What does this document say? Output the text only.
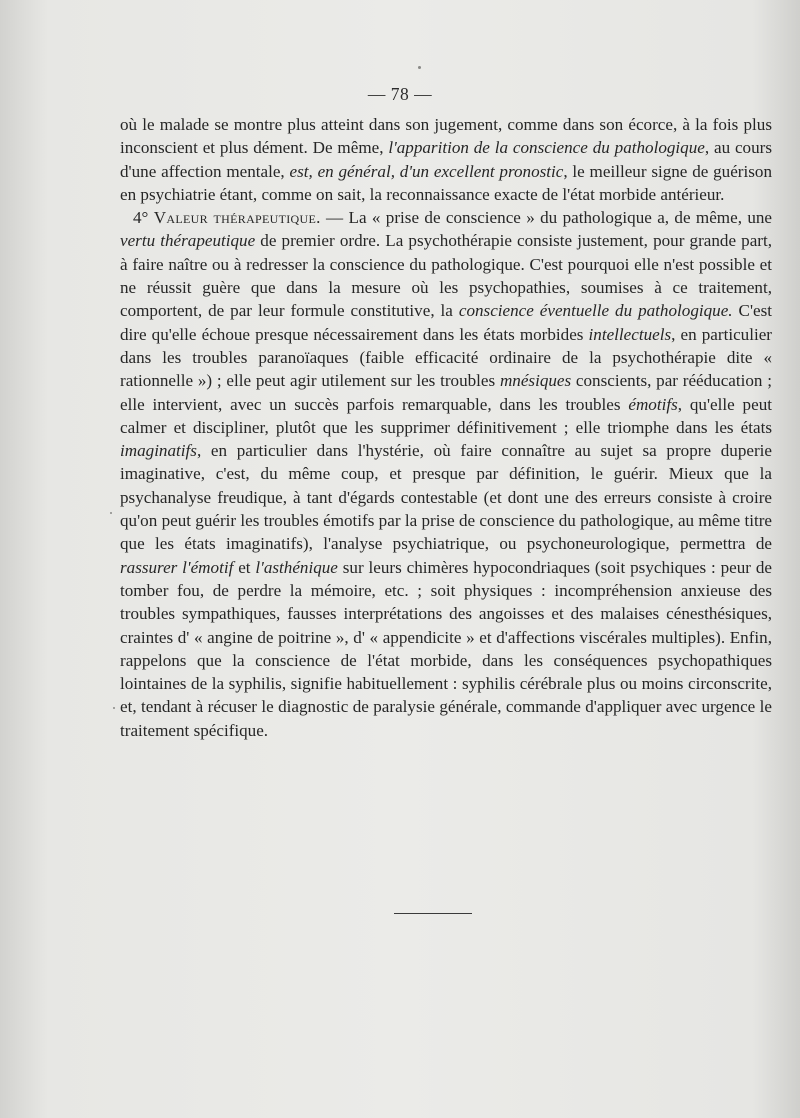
— 78 —

où le malade se montre plus atteint dans son jugement, comme dans son écorce, à la fois plus inconscient et plus dément. De même, l'apparition de la conscience du pathologique, au cours d'une affection mentale, est, en général, d'un excellent pronostic, le meilleur signe de guérison en psychiatrie étant, comme on sait, la reconnaissance exacte de l'état morbide antérieur.

4° Valeur thérapeutique. — La « prise de conscience » du pathologique a, de même, une vertu thérapeutique de premier ordre. La psychothérapie consiste justement, pour grande part, à faire naître ou à redresser la conscience du pathologique. C'est pourquoi elle n'est possible et ne réussit guère que dans la mesure où les psychopathies, soumises à ce traitement, comportent, de par leur formule constitutive, la conscience éventuelle du pathologique. C'est dire qu'elle échoue presque nécessairement dans les états morbides intellectuels, en particulier dans les troubles paranoïaques (faible efficacité ordinaire de la psychothérapie dite « rationnelle ») ; elle peut agir utilement sur les troubles mnésiques conscients, par rééducation ; elle intervient, avec un succès parfois remarquable, dans les troubles émotifs, qu'elle peut calmer et discipliner, plutôt que les supprimer définitivement ; elle triomphe dans les états imaginatifs, en particulier dans l'hystérie, où faire connaître au sujet sa propre duperie imaginative, c'est, du même coup, et presque par définition, le guérir. Mieux que la psychanalyse freudique, à tant d'égards contestable (et dont une des erreurs consiste à croire qu'on peut guérir les troubles émotifs par la prise de conscience du pathologique, au même titre que les états imaginatifs), l'analyse psychiatrique, ou psychoneurologique, permettra de rassurer l'émotif et l'asthénique sur leurs chimères hypocondriaques (soit psychiques : peur de tomber fou, de perdre la mémoire, etc. ; soit physiques : incompréhension anxieuse des troubles sympathiques, fausses interprétations des angoisses et des malaises cénesthésiques, craintes d' « angine de poitrine », d' « appendicite » et d'affections viscérales multiples). Enfin, rappelons que la conscience de l'état morbide, dans les conséquences psychopathiques lointaines de la syphilis, signifie habituellement : syphilis cérébrale plus ou moins circonscrite, et, tendant à récuser le diagnostic de paralysie générale, commande d'appliquer avec urgence le traitement spécifique.
